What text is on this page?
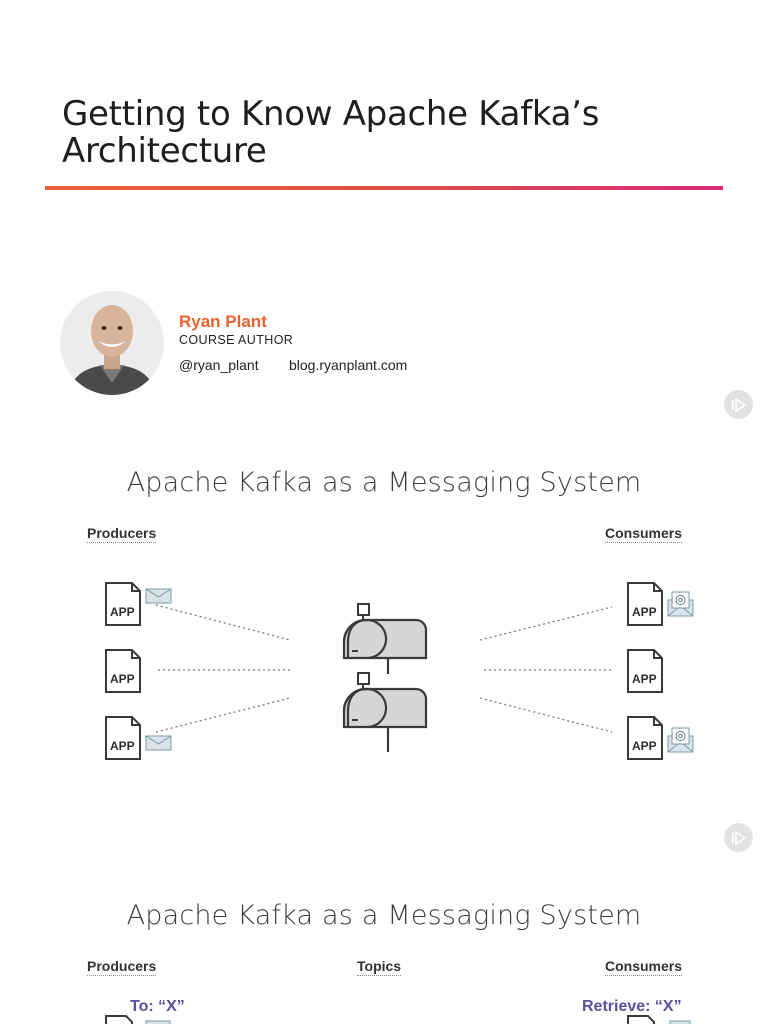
Getting to Know Apache Kafka’s
Architecture
Ryan Plant
COURSE AUTHOR
@ryan_plant blog.ryanplant.com
Apache Kafka as a Messaging System
Producers	Consumers
APP
APP
APP
APP
APP
APP
Apache Kafka as a Messaging System
Producers	Topics	Consumers
To: “X”	Retrieve: “X”
